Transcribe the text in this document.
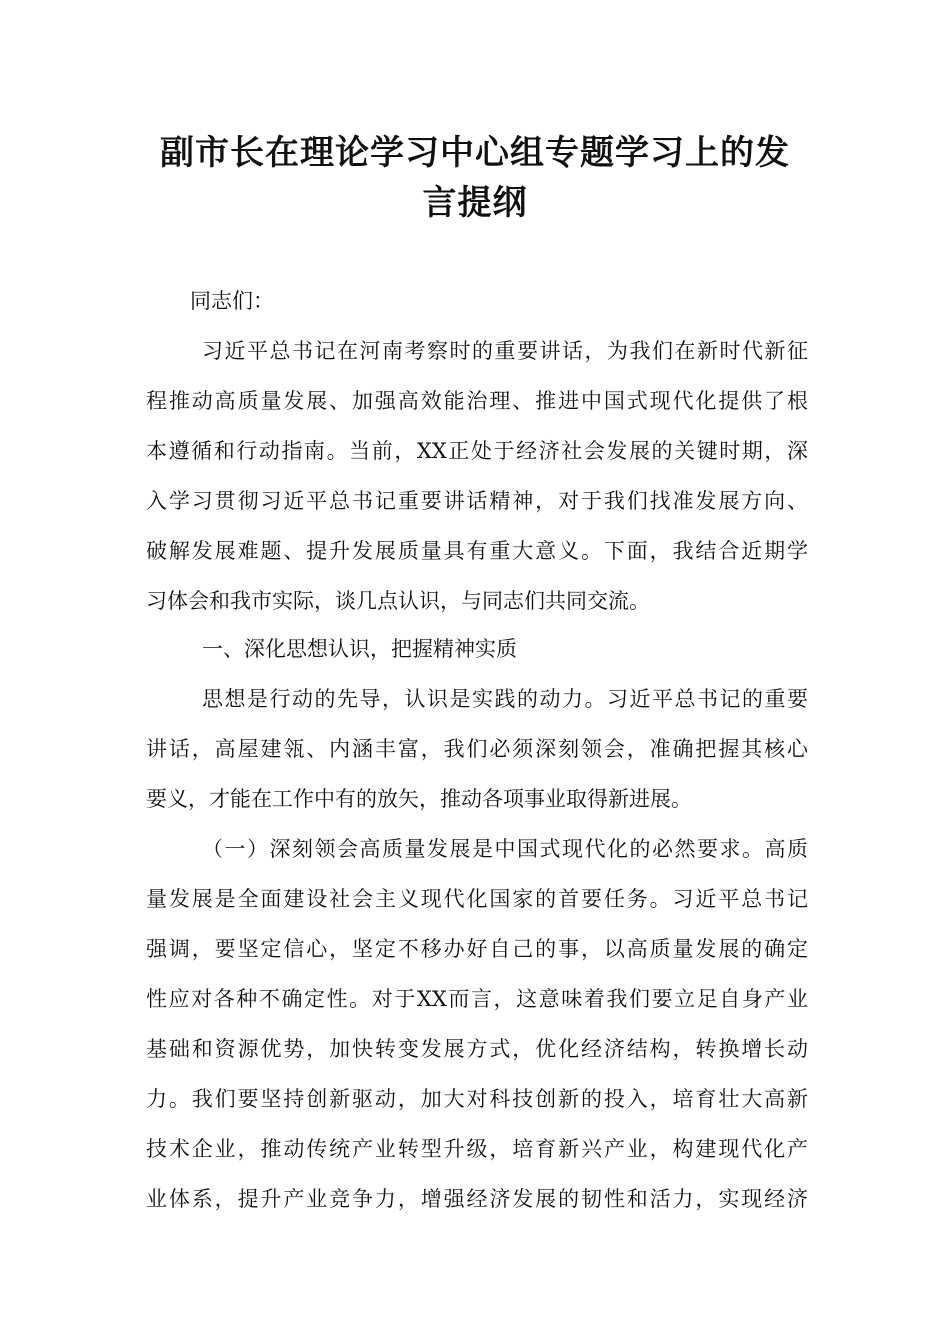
副市长在理论学习中心组专题学习上的发
言提纲

同志们：

习近平总书记在河南考察时的重要讲话，为我们在新时代新征
程推动高质量发展、加强高效能治理、推进中国式现代化提供了根
本遵循和行动指南。当前，XX正处于经济社会发展的关键时期，深
入学习贯彻习近平总书记重要讲话精神，对于我们找准发展方向、
破解发展难题、提升发展质量具有重大意义。下面，我结合近期学
习体会和我市实际，谈几点认识，与同志们共同交流。

一、深化思想认识，把握精神实质

思想是行动的先导，认识是实践的动力。习近平总书记的重要
讲话，高屋建瓴、内涵丰富，我们必须深刻领会，准确把握其核心
要义，才能在工作中有的放矢，推动各项事业取得新进展。

（一）深刻领会高质量发展是中国式现代化的必然要求。高质
量发展是全面建设社会主义现代化国家的首要任务。习近平总书记
强调，要坚定信心，坚定不移办好自己的事，以高质量发展的确定
性应对各种不确定性。对于XX而言，这意味着我们要立足自身产业
基础和资源优势，加快转变发展方式，优化经济结构，转换增长动
力。我们要坚持创新驱动，加大对科技创新的投入，培育壮大高新
技术企业，推动传统产业转型升级，培育新兴产业，构建现代化产
业体系，提升产业竞争力，增强经济发展的韧性和活力，实现经济
